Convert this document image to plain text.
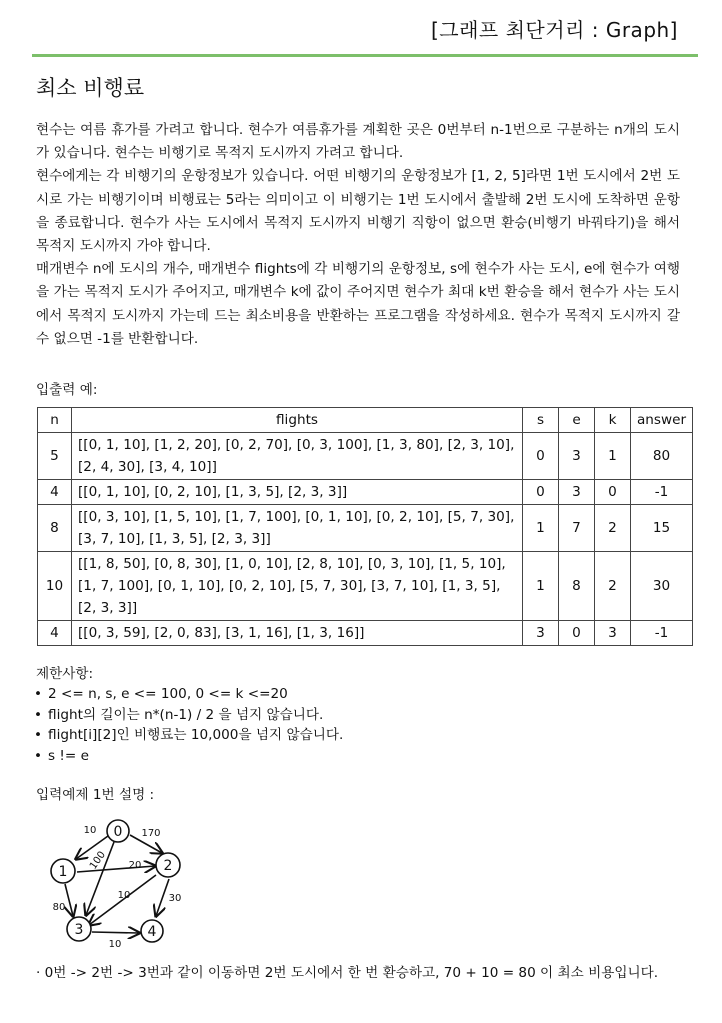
[그래프 최단거리 : Graph]
최소 비행료

현수는 여름 휴가를 가려고 합니다. 현수가 여름휴가를 계획한 곳은 0번부터 n-1번으로 구분하는 n개의 도시가 있습니다. 현수는 비행기로 목적지 도시까지 가려고 합니다.

현수에게는 각 비행기의 운항정보가 있습니다. 어떤 비행기의 운항정보가 [1, 2, 5]라면 1번 도시에서 2번 도시로 가는 비행기이며 비행료는 5라는 의미이고 이 비행기는 1번 도시에서 출발해 2번 도시에 도착하면 운항을 종료합니다. 현수가 사는 도시에서 목적지 도시까지 비행기 직항이 없으면 환승(비행기 바꿔타기)을 해서 목적지 도시까지 가야 합니다.

매개변수 n에 도시의 개수, 매개변수 flights에 각 비행기의 운항정보, s에 현수가 사는 도시, e에 현수가 여행을 가는 목적지 도시가 주어지고, 매개변수 k에 값이 주어지면 현수가 최대 k번 환승을 해서 현수가 사는 도시에서 목적지 도시까지 가는데 드는 최소비용을 반환하는 프로그램을 작성하세요. 현수가 목적지 도시까지 갈 수 없으면 -1를 반환합니다.

입출력 예:
n	flights	s	e	k	answer
5	[[0, 1, 10], [1, 2, 20], [0, 2, 70], [0, 3, 100], [1, 3, 80], [2, 3, 10], [2, 4, 30], [3, 4, 10]]	0	3	1	80
4	[[0, 1, 10], [0, 2, 10], [1, 3, 5], [2, 3, 3]]	0	3	0	-1
8	[[0, 3, 10], [1, 5, 10], [1, 7, 100], [0, 1, 10], [0, 2, 10], [5, 7, 30], [3, 7, 10], [1, 3, 5], [2, 3, 3]]	1	7	2	15
10	[[1, 8, 50], [0, 8, 30], [1, 0, 10], [2, 8, 10], [0, 3, 10], [1, 5, 10], [1, 7, 100], [0, 1, 10], [0, 2, 10], [5, 7, 30], [3, 7, 10], [1, 3, 5], [2, 3, 3]]	1	8	2	30
4	[[0, 3, 59], [2, 0, 83], [3, 1, 16], [1, 3, 16]]	3	0	3	-1
제한사항:
• 2 <= n, s, e <= 100, 0 <= k <=20
• flight의 길이는 n*(n-1) / 2 을 넘지 않습니다.
• flight[i][2]인 비행료는 10,000을 넘지 않습니다.
• s != e
입력예제 1번 설명 :
0
1	2
3	4
10	170
100 20
10
80
30
10
· 0번 -> 2번 -> 3번과 같이 이동하면 2번 도시에서 한 번 환승하고, 70 + 10 = 80 이 최소 비용입니다.
